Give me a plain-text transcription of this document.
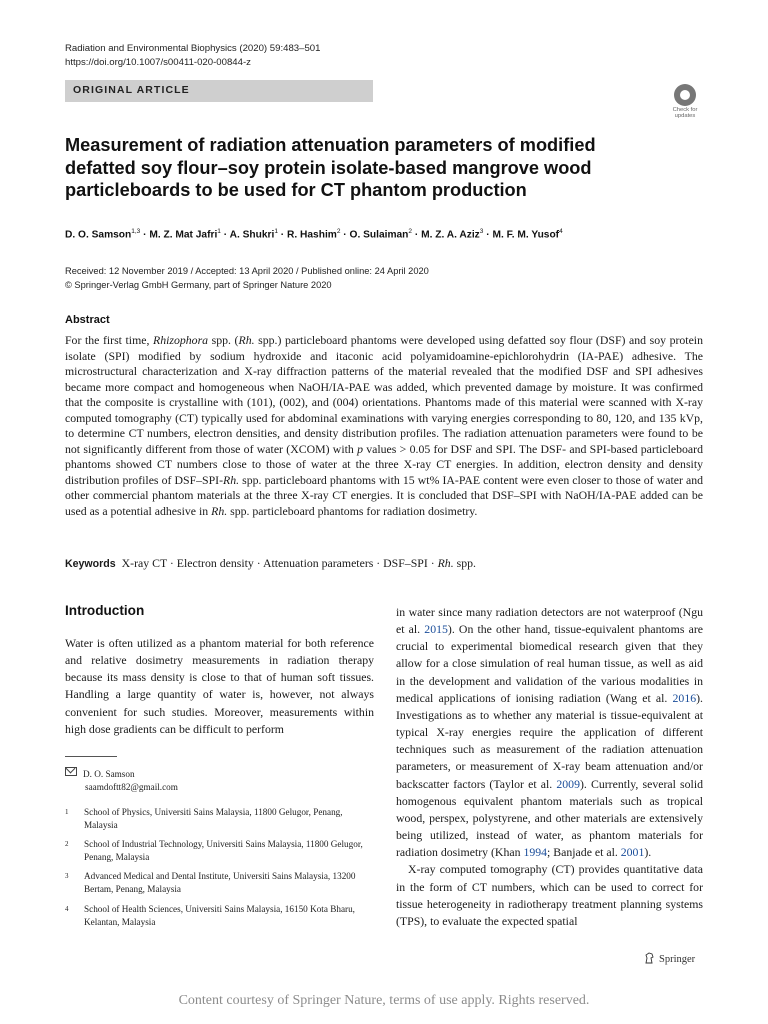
Radiation and Environmental Biophysics (2020) 59:483–501
https://doi.org/10.1007/s00411-020-00844-z
ORIGINAL ARTICLE
Check for
updates
Measurement of radiation attenuation parameters of modified
defatted soy flour–soy protein isolate-based mangrove wood
particleboards to be used for CT phantom production
D. O. Samson$^{1,3}$ · M. Z. Mat Jafri$^1$ · A. Shukri$^1$ · R. Hashim$^2$ · O. Sulaiman$^2$ · M. Z. A. Aziz$^3$ · M. F. M. Yusof$^4$
Received: 12 November 2019 / Accepted: 13 April 2020 / Published online: 24 April 2020
© Springer-Verlag GmbH Germany, part of Springer Nature 2020
Abstract
For the first time, Rhizophora spp. (Rh. spp.) particleboard phantoms were developed using defatted soy flour (DSF) and soy protein isolate (SPI) modified by sodium hydroxide and itaconic acid polyamidoamine-epichlorohydrin (IA-PAE) adhesive. The microstructural characterization and X-ray diffraction patterns of the material revealed that the modified DSF and SPI adhesives became more compact and homogeneous when NaOH/IA-PAE was added, which prevented damage by moisture. It was confirmed that the composite is crystalline with (101), (002), and (004) orientations. Phantoms made of this material were scanned with X-ray computed tomography (CT) typically used for abdominal examinations with varying energies corresponding to 80, 120, and 135 kVp, to determine CT numbers, electron densities, and density distribution profiles. The radiation attenuation parameters were found to be not significantly different from those of water (XCOM) with p values > 0.05 for DSF and SPI. The DSF- and SPI-based particleboard phantoms showed CT numbers close to those of water at the three X-ray CT energies. In addition, electron density and density distribution profiles of DSF–SPI-Rh. spp. particleboard phantoms with 15 wt% IA-PAE content were even closer to those of water and other commercial phantom materials at the three X-ray CT energies. It is concluded that DSF–SPI with NaOH/IA-PAE added can be used as a potential adhesive in Rh. spp. particleboard phantoms for radiation dosimetry.
Keywords X-ray CT · Electron density · Attenuation parameters · DSF–SPI · Rh. spp.
Introduction
Water is often utilized as a phantom material for both reference and relative dosimetry measurements in radiation therapy because its mass density is close to that of human soft tissues. Handling a large quantity of water is, however, not always convenient for such studies. Moreover, measurements within high dose gradients can be difficult to perform
in water since many radiation detectors are not waterproof (Ngu et al. 2015). On the other hand, tissue-equivalent phantoms are crucial to experimental biomedical research given that they allow for a close simulation of real human tissue, as well as aid in the development and validation of the various modalities in medical applications of ionising radiation (Wang et al. 2016). Investigations as to whether any material is tissue-equivalent at typical X-ray energies require the application of different techniques such as measurement of the radiation attenuation parameters, or measurement of X-ray beam attenuation and/or backscatter factors (Taylor et al. 2009). Currently, several solid homogenous equivalent phantom materials such as tropical wood, perspex, polystyrene, and other materials are extensively being utilized, instead of water, as phantom materials for radiation dosimetry (Khan 1994; Banjade et al. 2001).
X-ray computed tomography (CT) provides quantitative data in the form of CT numbers, which can be used to correct for tissue heterogeneity in radiotherapy treatment planning systems (TPS), to evaluate the expected spatial
D. O. Samson
saamdoftt82@gmail.com
1 School of Physics, Universiti Sains Malaysia, 11800 Gelugor, Penang, Malaysia
2 School of Industrial Technology, Universiti Sains Malaysia, 11800 Gelugor, Penang, Malaysia
3 Advanced Medical and Dental Institute, Universiti Sains Malaysia, 13200 Bertam, Penang, Malaysia
4 School of Health Sciences, Universiti Sains Malaysia, 16150 Kota Bharu, Kelantan, Malaysia
Springer
Content courtesy of Springer Nature, terms of use apply. Rights reserved.
